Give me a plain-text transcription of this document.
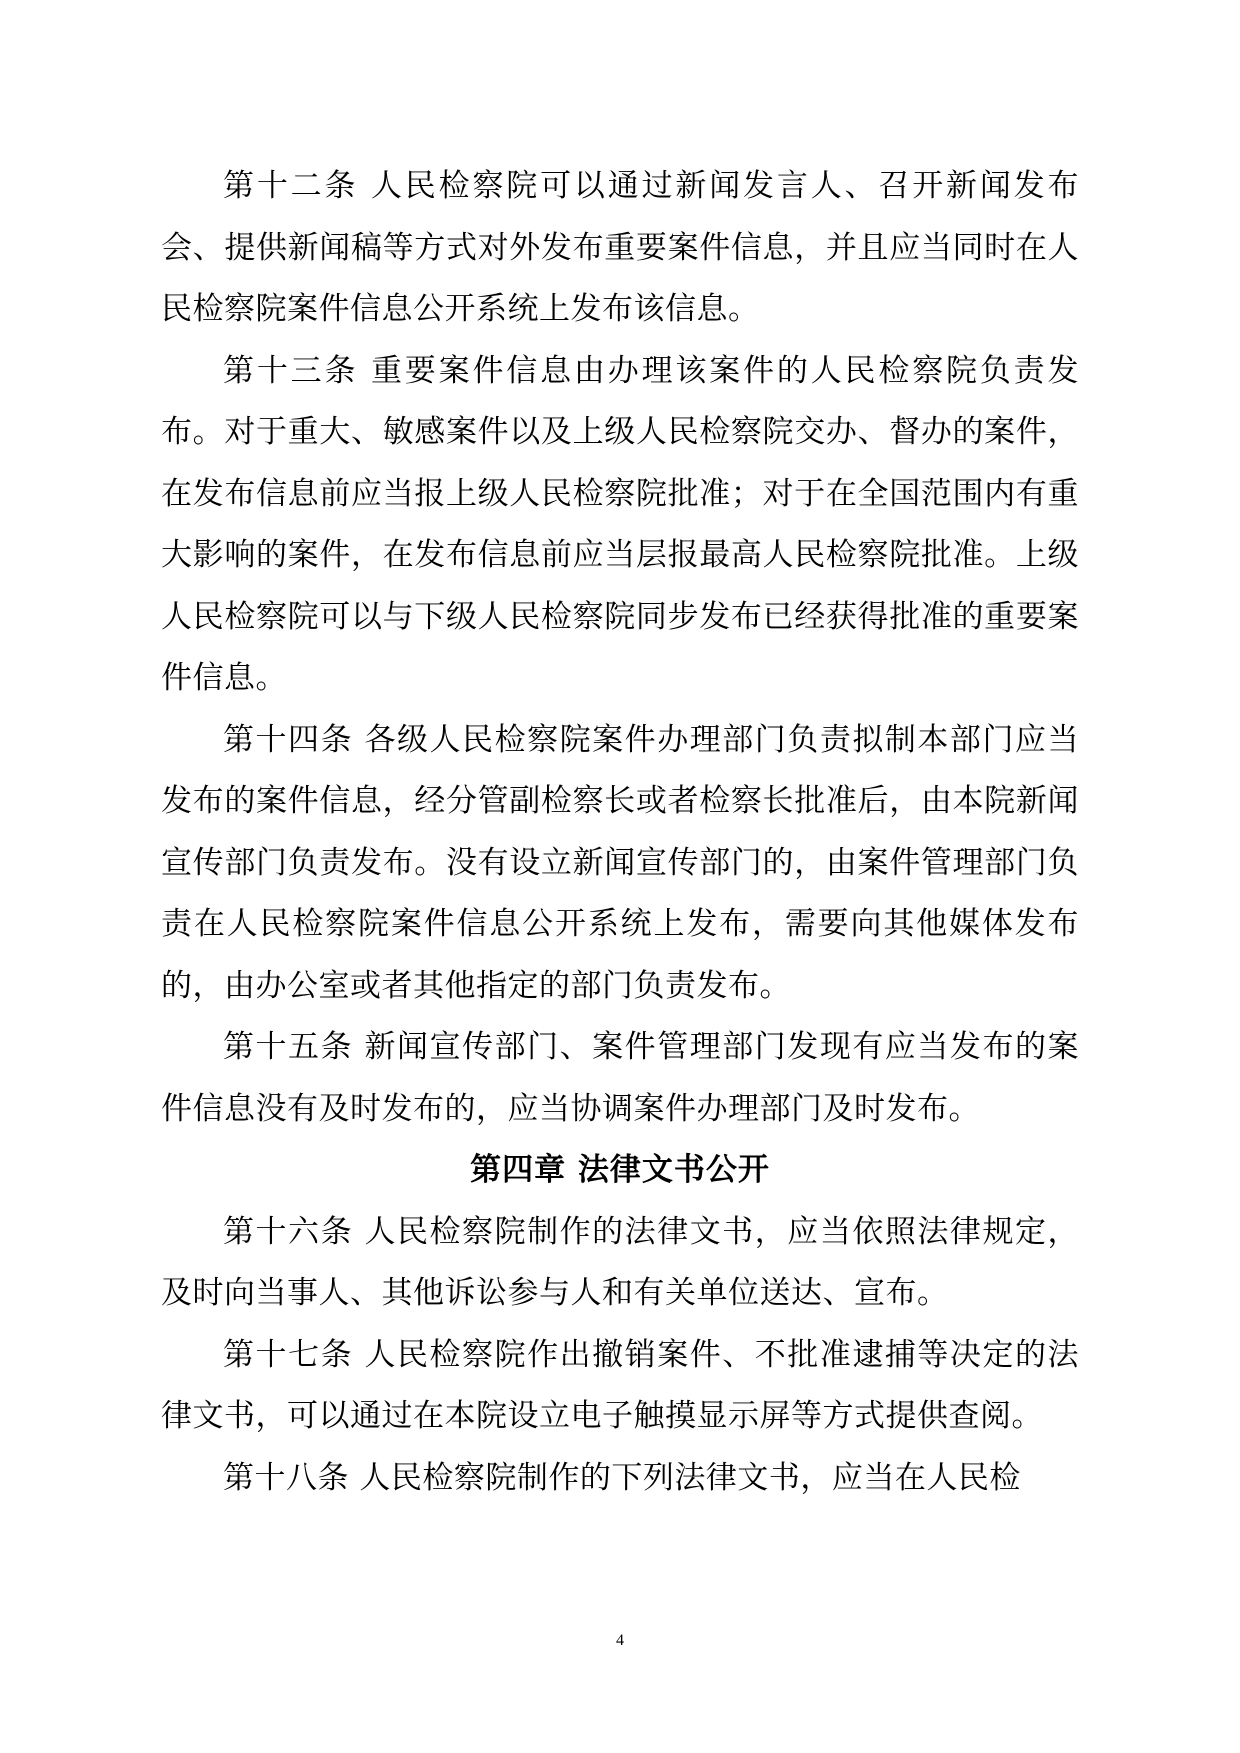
第十二条 人民检察院可以通过新闻发言人、召开新闻发布会、提供新闻稿等方式对外发布重要案件信息，并且应当同时在人民检察院案件信息公开系统上发布该信息。

第十三条 重要案件信息由办理该案件的人民检察院负责发布。对于重大、敏感案件以及上级人民检察院交办、督办的案件，在发布信息前应当报上级人民检察院批准；对于在全国范围内有重大影响的案件，在发布信息前应当层报最高人民检察院批准。上级人民检察院可以与下级人民检察院同步发布已经获得批准的重要案件信息。

第十四条 各级人民检察院案件办理部门负责拟制本部门应当发布的案件信息，经分管副检察长或者检察长批准后，由本院新闻宣传部门负责发布。没有设立新闻宣传部门的，由案件管理部门负责在人民检察院案件信息公开系统上发布，需要向其他媒体发布的，由办公室或者其他指定的部门负责发布。

第十五条 新闻宣传部门、案件管理部门发现有应当发布的案件信息没有及时发布的，应当协调案件办理部门及时发布。

第四章 法律文书公开

第十六条 人民检察院制作的法律文书，应当依照法律规定，及时向当事人、其他诉讼参与人和有关单位送达、宣布。

第十七条 人民检察院作出撤销案件、不批准逮捕等决定的法律文书，可以通过在本院设立电子触摸显示屏等方式提供查阅。

第十八条 人民检察院制作的下列法律文书，应当在人民检

4
